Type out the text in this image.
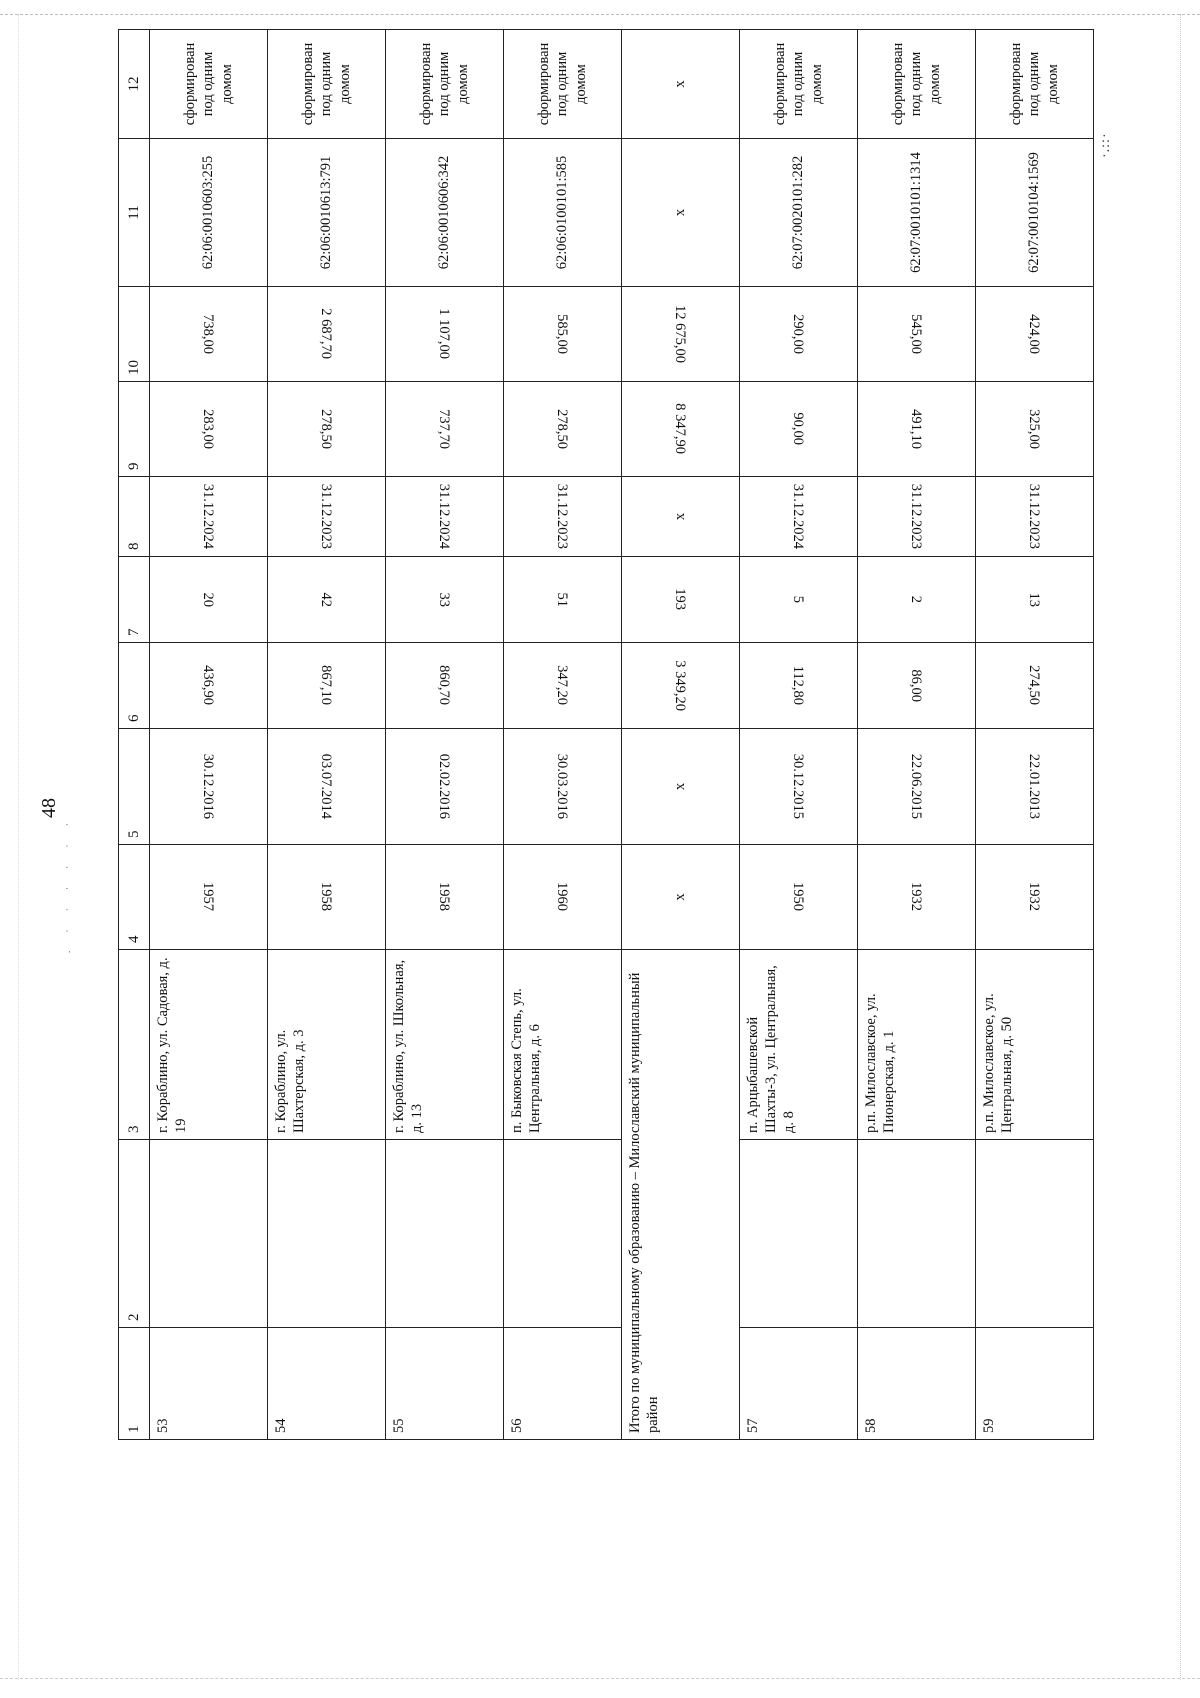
48
. · · · · · ·
·.::·
1	2	3	4	5	6	7	8	9	10	11	12
53		г. Кораблино, ул. Садовая, д. 19	1957	30.12.2016	436,90	20	31.12.2024	283,00	738,00	62:06:0010603:255	сформирован под одним домом
54		г. Кораблино, ул. Шахтерская, д. 3	1958	03.07.2014	867,10	42	31.12.2023	278,50	2 687,70	62:06:0010613:791	сформирован под одним домом
55		г. Кораблино, ул. Школьная, д. 13	1958	02.02.2016	860,70	33	31.12.2024	737,70	1 107,00	62:06:0010606:342	сформирован под одним домом
56		п. Быковская Степь, ул. Центральная, д. 6	1960	30.03.2016	347,20	51	31.12.2023	278,50	585,00	62:06:0100101:585	сформирован под одним домом
Итого по муниципальному образованию – Милославский муниципальный район			х	х	3 349,20	193	х	8 347,90	12 675,00	х	х
57		п. Арцыбашевской Шахты-3, ул. Центральная, д. 8	1950	30.12.2015	112,80	5	31.12.2024	90,00	290,00	62:07:0020101:282	сформирован под одним домом
58		р.п. Милославское, ул. Пионерская, д. 1	1932	22.06.2015	86,00	2	31.12.2023	491,10	545,00	62:07:0010101:1314	сформирован под одним домом
59		р.п. Милославское, ул. Центральная, д. 50	1932	22.01.2013	274,50	13	31.12.2023	325,00	424,00	62:07:0010104:1569	сформирован под одним домом
